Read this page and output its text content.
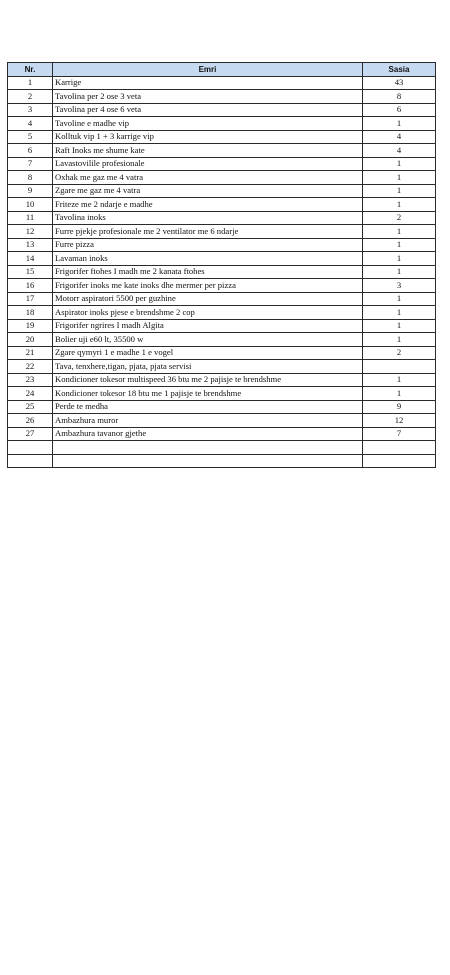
Nr.	Emri	Sasia
1	Karrige	43
2	Tavolina per 2 ose 3 veta	8
3	Tavolina per 4 ose 6 veta	6
4	Tavoline e madhe vip	1
5	Kolltuk vip 1 + 3 karrige vip	4
6	Raft Inoks me shume kate	4
7	Lavastovilile profesionale	1
8	Oxhak me gaz me 4 vatra	1
9	Zgare me gaz me 4 vatra	1
10	Friteze me 2 ndarje e madhe	1
11	Tavolina inoks	2
12	Furre pjekje profesionale me 2 ventilator me 6 ndarje	1
13	Furre pizza	1
14	Lavaman inoks	1
15	Frigorifer ftohes I madh me 2 kanata ftohes	1
16	Frigorifer inoks me kate inoks dhe mermer per pizza	3
17	Motorr aspiratori 5500 per guzhine	1
18	Aspirator inoks pjese e brendshme 2 cop	1
19	Frigorifer ngrires I madh Algita	1
20	Bolier uji e60 lt, 35500 w	1
21	Zgare qymyri 1 e madhe 1 e vogel	2
22	Tava, tenxhere,tigan, pjata, pjata servisi	
23	Kondicioner tokesor multispeed 36 btu me 2 pajisje te brendshme	1
24	Kondicioner tokesor 18 btu me 1 pajisje te brendshme	1
25	Perde te medha	9
26	Ambazhura muror	12
27	Ambazhura tavanor gjethe	7
